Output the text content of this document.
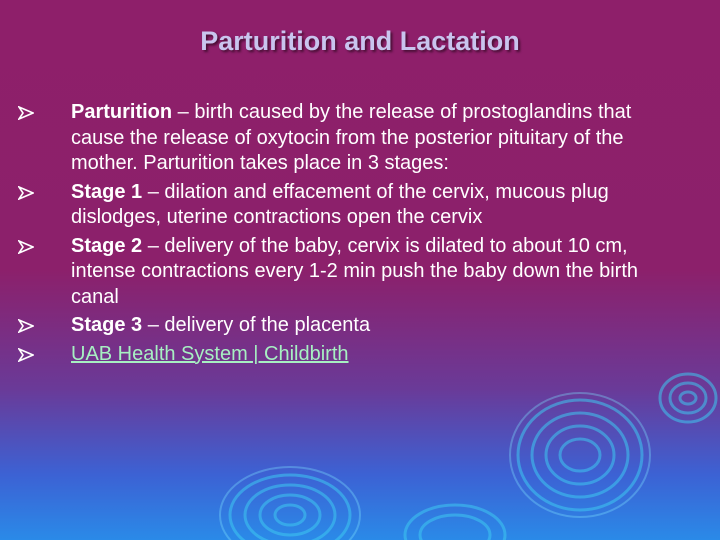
Parturition and Lactation
Parturition – birth caused by the release of prostoglandins that cause the release of oxytocin from the posterior pituitary of the mother. Parturition takes place in 3 stages:
Stage 1 – dilation and effacement of the cervix, mucous plug dislodges, uterine contractions open the cervix
Stage 2 – delivery of the baby, cervix is dilated to about 10 cm, intense contractions every 1-2 min push the baby down the birth canal
Stage 3 – delivery of the placenta
UAB Health System | Childbirth
